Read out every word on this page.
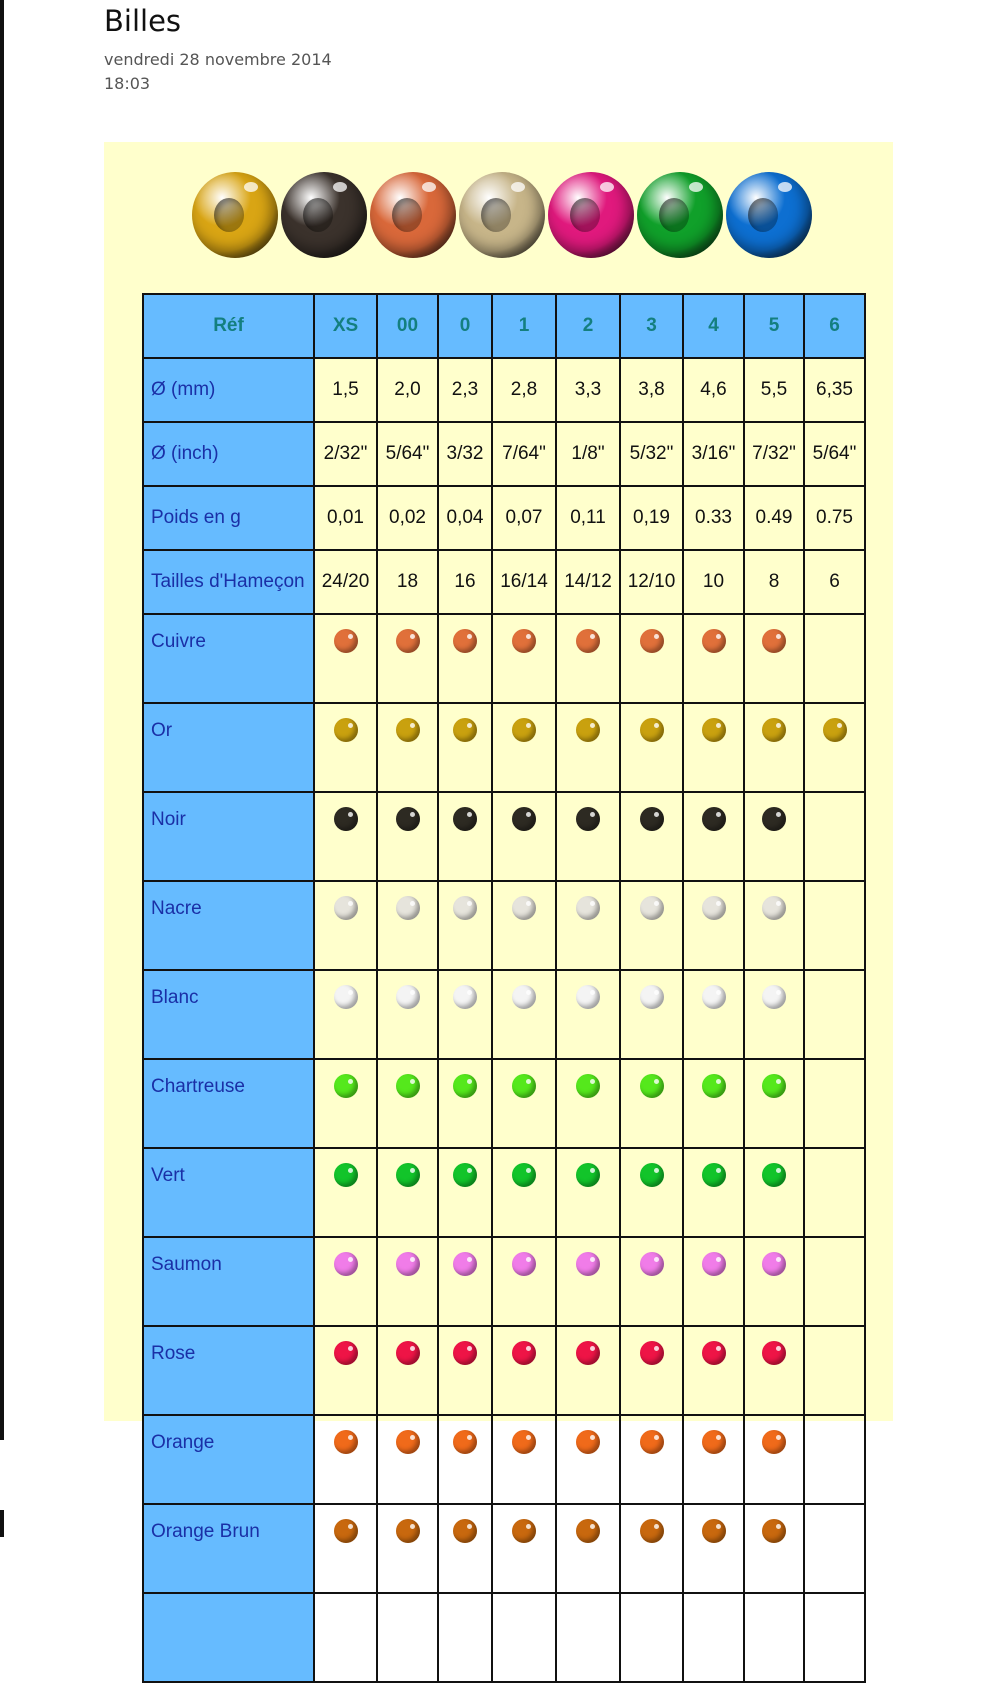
Billes
vendredi 28 novembre 2014
18:03
Réf	XS	00	0	1	2	3	4	5	6
Ø (mm)	1,5	2,0	2,3	2,8	3,3	3,8	4,6	5,5	6,35
Ø (inch)	2/32"	5/64"	3/32	7/64"	1/8"	5/32"	3/16"	7/32"	5/64"
Poids en g	0,01	0,02	0,04	0,07	0,11	0,19	0.33	0.49	0.75
Tailles d'Hameçon	24/20	18	16	16/14	14/12	12/10	10	8	6
Cuivre									
Or									
Noir									
Nacre									
Blanc									
Chartreuse									
Vert									
Saumon									
Rose									
Orange									
Orange Brun									
